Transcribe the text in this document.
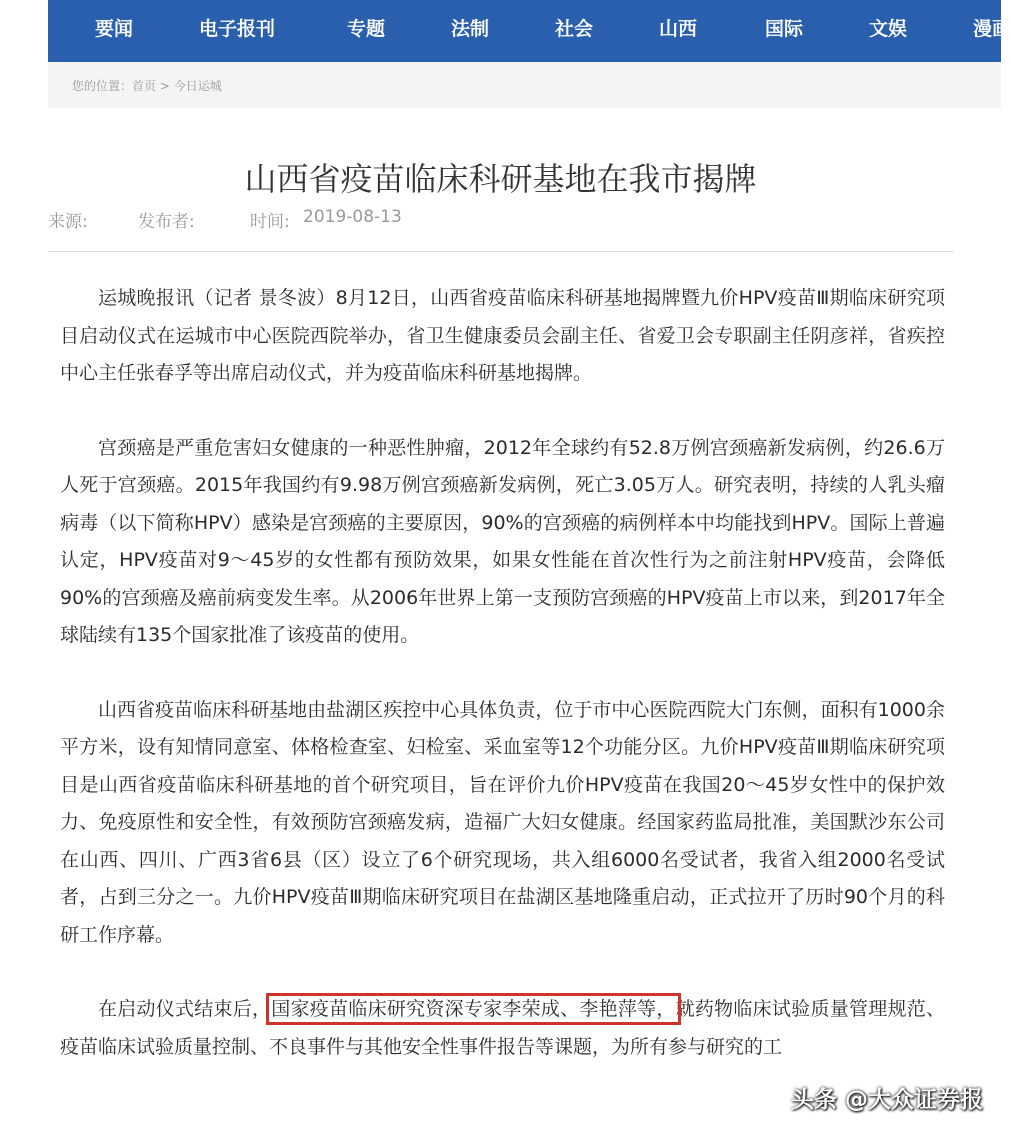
要闻	电子报刊	专题	法制	社会	山西	国际	文娱	漫画
您的位置：首页 > 今日运城
山西省疫苗临床科研基地在我市揭牌
来源:	发布者:	时间: 2019-08-13

运城晚报讯（记者 景冬波）8月12日，山西省疫苗临床科研基地揭牌暨九价HPV疫苗Ⅲ期临床研究项目启动仪式在运城市中心医院西院举办，省卫生健康委员会副主任、省爱卫会专职副主任阴彦祥，省疾控中心主任张春孚等出席启动仪式，并为疫苗临床科研基地揭牌。

宫颈癌是严重危害妇女健康的一种恶性肿瘤，2012年全球约有52.8万例宫颈癌新发病例，约26.6万人死于宫颈癌。2015年我国约有9.98万例宫颈癌新发病例，死亡3.05万人。研究表明，持续的人乳头瘤病毒（以下简称HPV）感染是宫颈癌的主要原因，90%的宫颈癌的病例样本中均能找到HPV。国际上普遍认定，HPV疫苗对9～45岁的女性都有预防效果，如果女性能在首次性行为之前注射HPV疫苗，会降低90%的宫颈癌及癌前病变发生率。从2006年世界上第一支预防宫颈癌的HPV疫苗上市以来，到2017年全球陆续有135个国家批准了该疫苗的使用。

山西省疫苗临床科研基地由盐湖区疾控中心具体负责，位于市中心医院西院大门东侧，面积有1000余平方米，设有知情同意室、体格检查室、妇检室、采血室等12个功能分区。九价HPV疫苗Ⅲ期临床研究项目是山西省疫苗临床科研基地的首个研究项目，旨在评价九价HPV疫苗在我国20～45岁女性中的保护效力、免疫原性和安全性，有效预防宫颈癌发病，造福广大妇女健康。经国家药监局批准，美国默沙东公司在山西、四川、广西3省6县（区）设立了6个研究现场，共入组6000名受试者，我省入组2000名受试者，占到三分之一。九价HPV疫苗Ⅲ期临床研究项目在盐湖区基地隆重启动，正式拉开了历时90个月的科研工作序幕。

在启动仪式结束后，国家疫苗临床研究资深专家李荣成、李艳萍等，就药物临床试验质量管理规范、疫苗临床试验质量控制、不良事件与其他安全性事件报告等课题，为所有参与研究的工

头条 @大众证券报
